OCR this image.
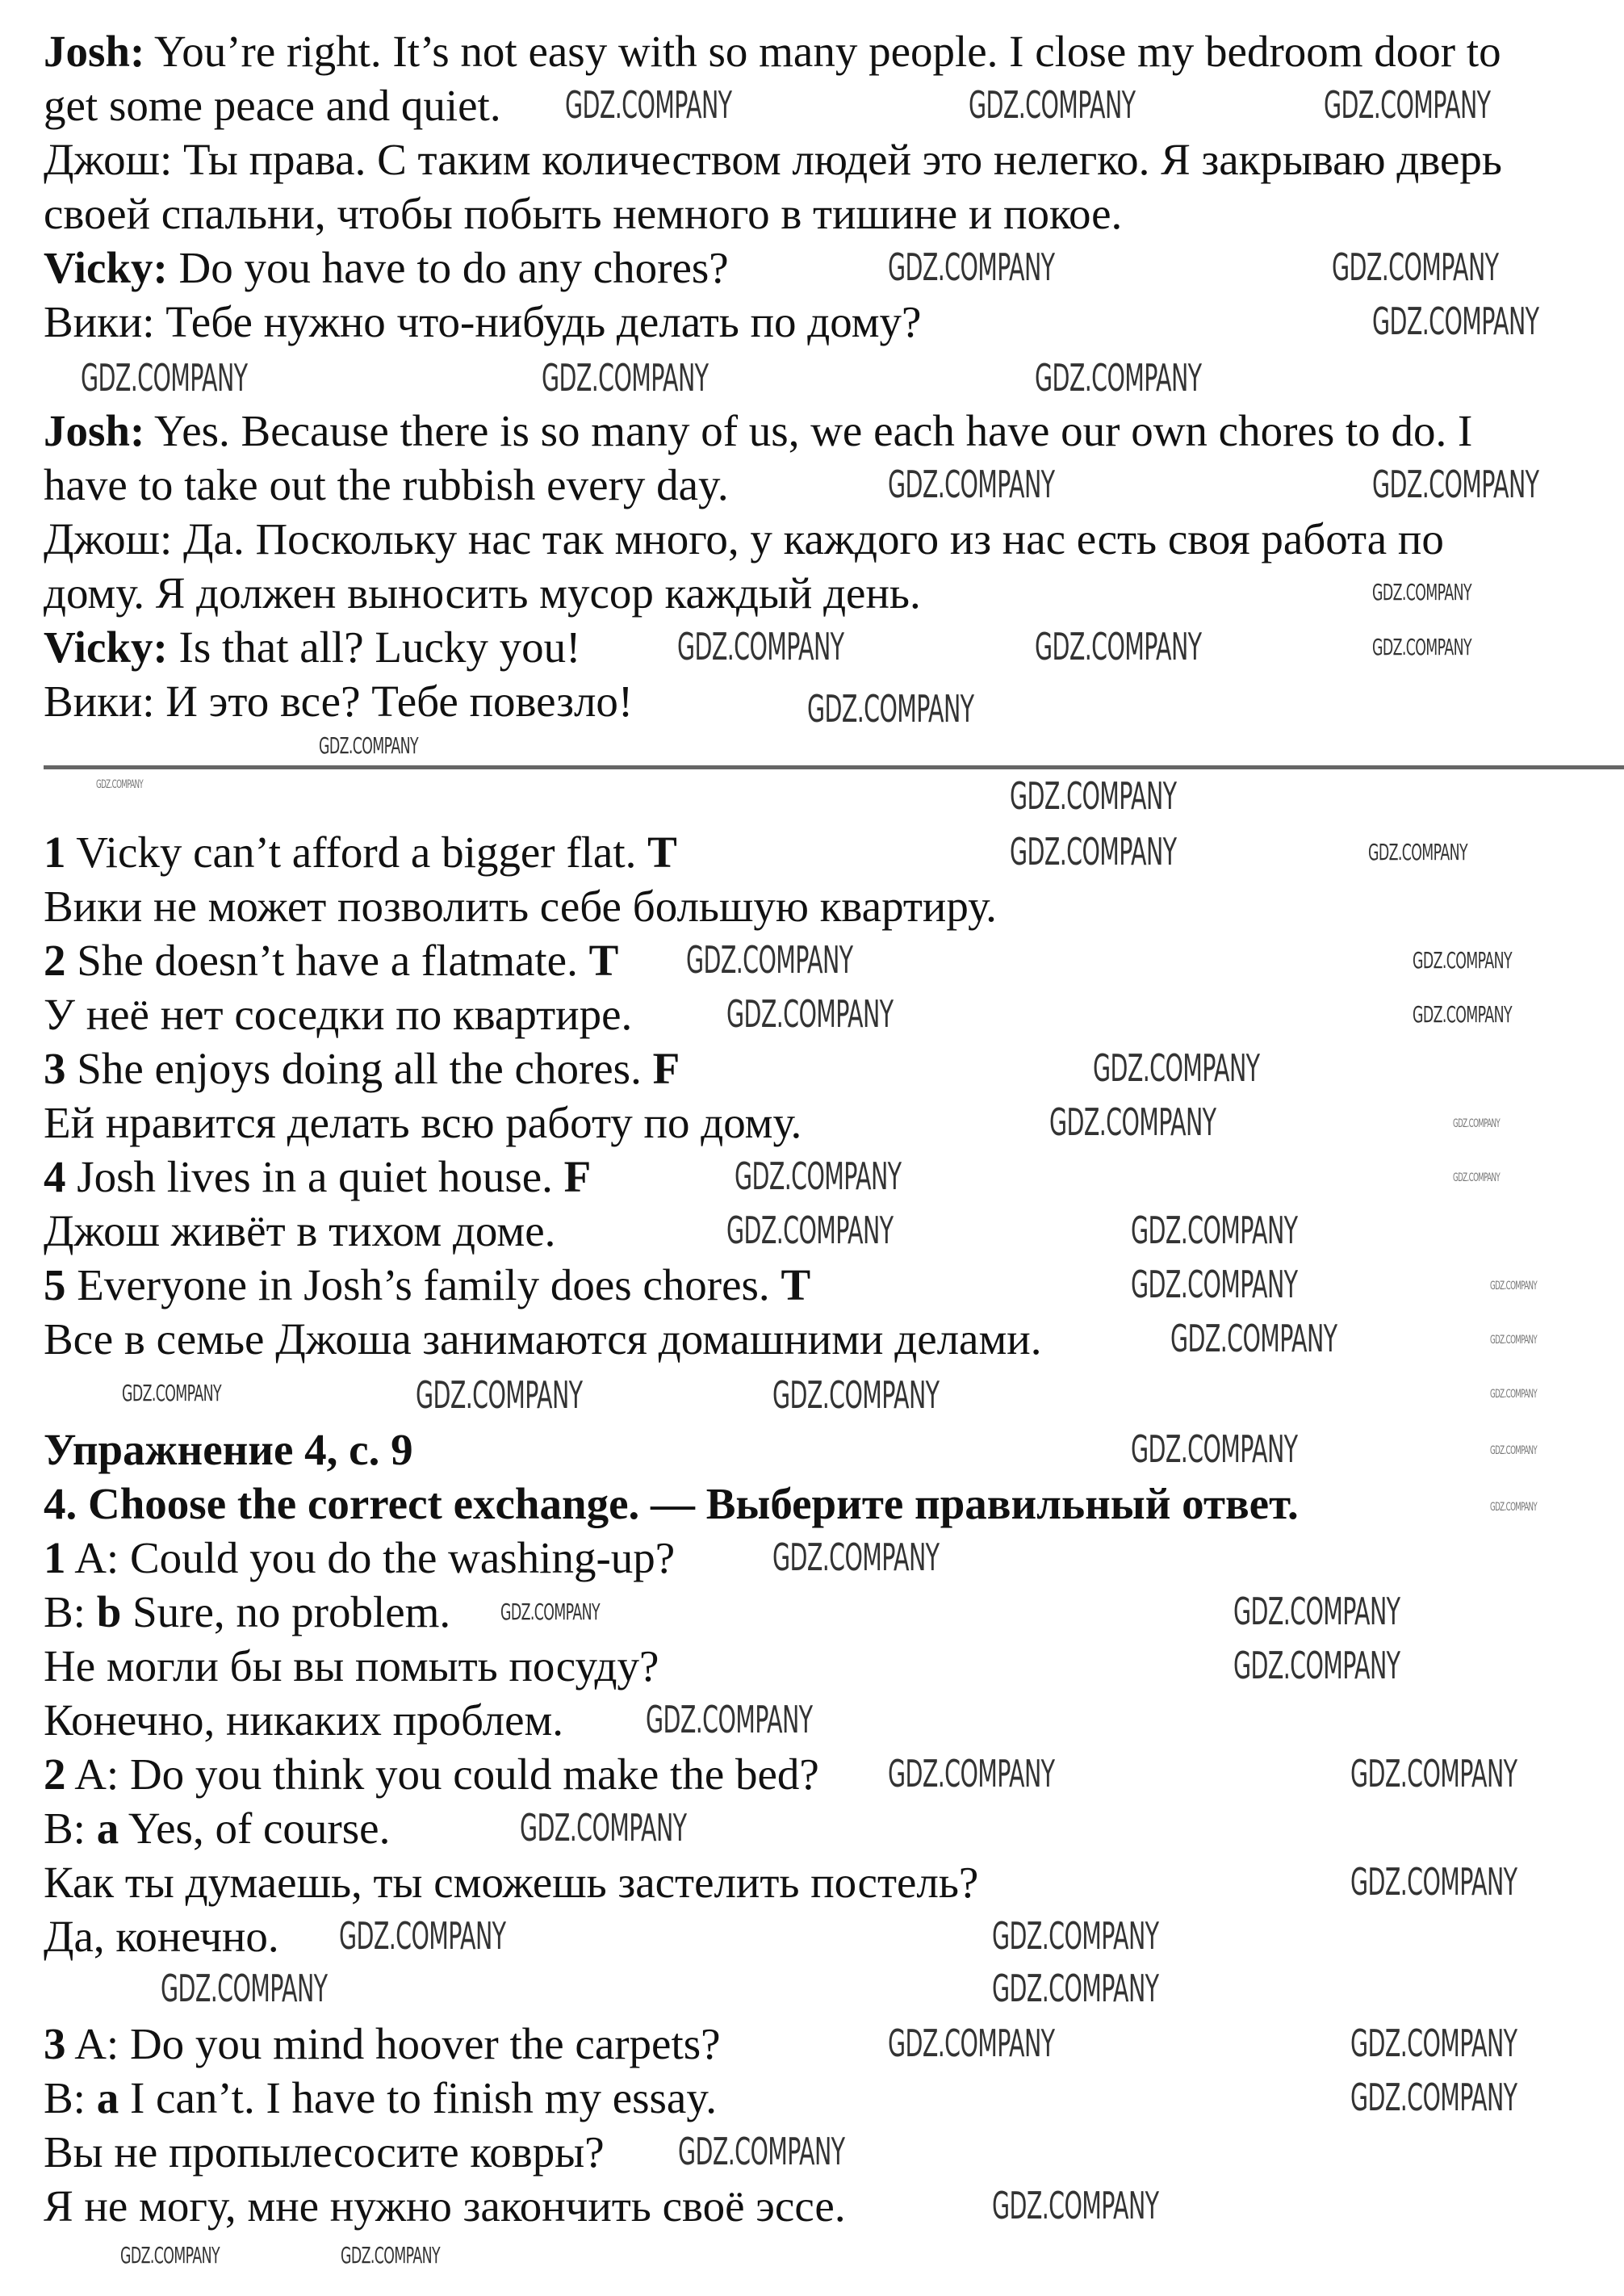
Josh: You’re right. It’s not easy with so many people. I close my bedroom door to
get some peace and quiet.
Джош: Ты права. С таким количеством людей это нелегко. Я закрываю дверь
своей спальни, чтобы побыть немного в тишине и покое.
Vicky: Do you have to do any chores?
Вики: Тебе нужно что-нибудь делать по дому?
Josh: Yes. Because there is so many of us, we each have our own chores to do. I
have to take out the rubbish every day.
Джош: Да. Поскольку нас так много, у каждого из нас есть своя работа по
дому. Я должен выносить мусор каждый день.
Vicky: Is that all? Lucky you!
Вики: И это все? Тебе повезло!
1 Vicky can’t afford a bigger flat. T
Вики не может позволить себе большую квартиру.
2 She doesn’t have a flatmate. T
У неё нет соседки по квартире.
3 She enjoys doing all the chores. F
Ей нравится делать всю работу по дому.
4 Josh lives in a quiet house. F
Джош живёт в тихом доме.
5 Everyone in Josh’s family does chores. T
Все в семье Джоша занимаются домашними делами.
Упражнение 4, с. 9
4. Choose the correct exchange. — Выберите правильный ответ.
1 A: Could you do the washing-up?
B: b Sure, no problem.
Не могли бы вы помыть посуду?
Конечно, никаких проблем.
2 A: Do you think you could make the bed?
B: a Yes, of course.
Как ты думаешь, ты сможешь застелить постель?
Да, конечно.
3 A: Do you mind hoover the carpets?
B: a I can’t. I have to finish my essay.
Вы не пропылесосите ковры?
Я не могу, мне нужно закончить своё эссе.
GDZ.COMPANY	GDZ.COMPANY	GDZ.COMPANY
GDZ.COMPANY	GDZ.COMPANY
GDZ.COMPANY
GDZ.COMPANY	GDZ.COMPANY	GDZ.COMPANY
GDZ.COMPANY	GDZ.COMPANY
GDZ.COMPANY
GDZ.COMPANY	GDZ.COMPANY	GDZ.COMPANY
GDZ.COMPANY
GDZ.COMPANY
GDZ.COMPANY	GDZ.COMPANY
GDZ.COMPANY	GDZ.COMPANY
GDZ.COMPANY	GDZ.COMPANY
GDZ.COMPANY	GDZ.COMPANY
GDZ.COMPANY
GDZ.COMPANY	GDZ.COMPANY
GDZ.COMPANY	GDZ.COMPANY
GDZ.COMPANY	GDZ.COMPANY
GDZ.COMPANY	GDZ.COMPANY
GDZ.COMPANY	GDZ.COMPANY
GDZ.COMPANY	GDZ.COMPANY	GDZ.COMPANY	GDZ.COMPANY
GDZ.COMPANY	GDZ.COMPANY
GDZ.COMPANY
GDZ.COMPANY
GDZ.COMPANY	GDZ.COMPANY
GDZ.COMPANY
GDZ.COMPANY
GDZ.COMPANY	GDZ.COMPANY
GDZ.COMPANY
GDZ.COMPANY
GDZ.COMPANY	GDZ.COMPANY
GDZ.COMPANY	GDZ.COMPANY
GDZ.COMPANY	GDZ.COMPANY
GDZ.COMPANY
GDZ.COMPANY
GDZ.COMPANY
GDZ.COMPANY	GDZ.COMPANY
